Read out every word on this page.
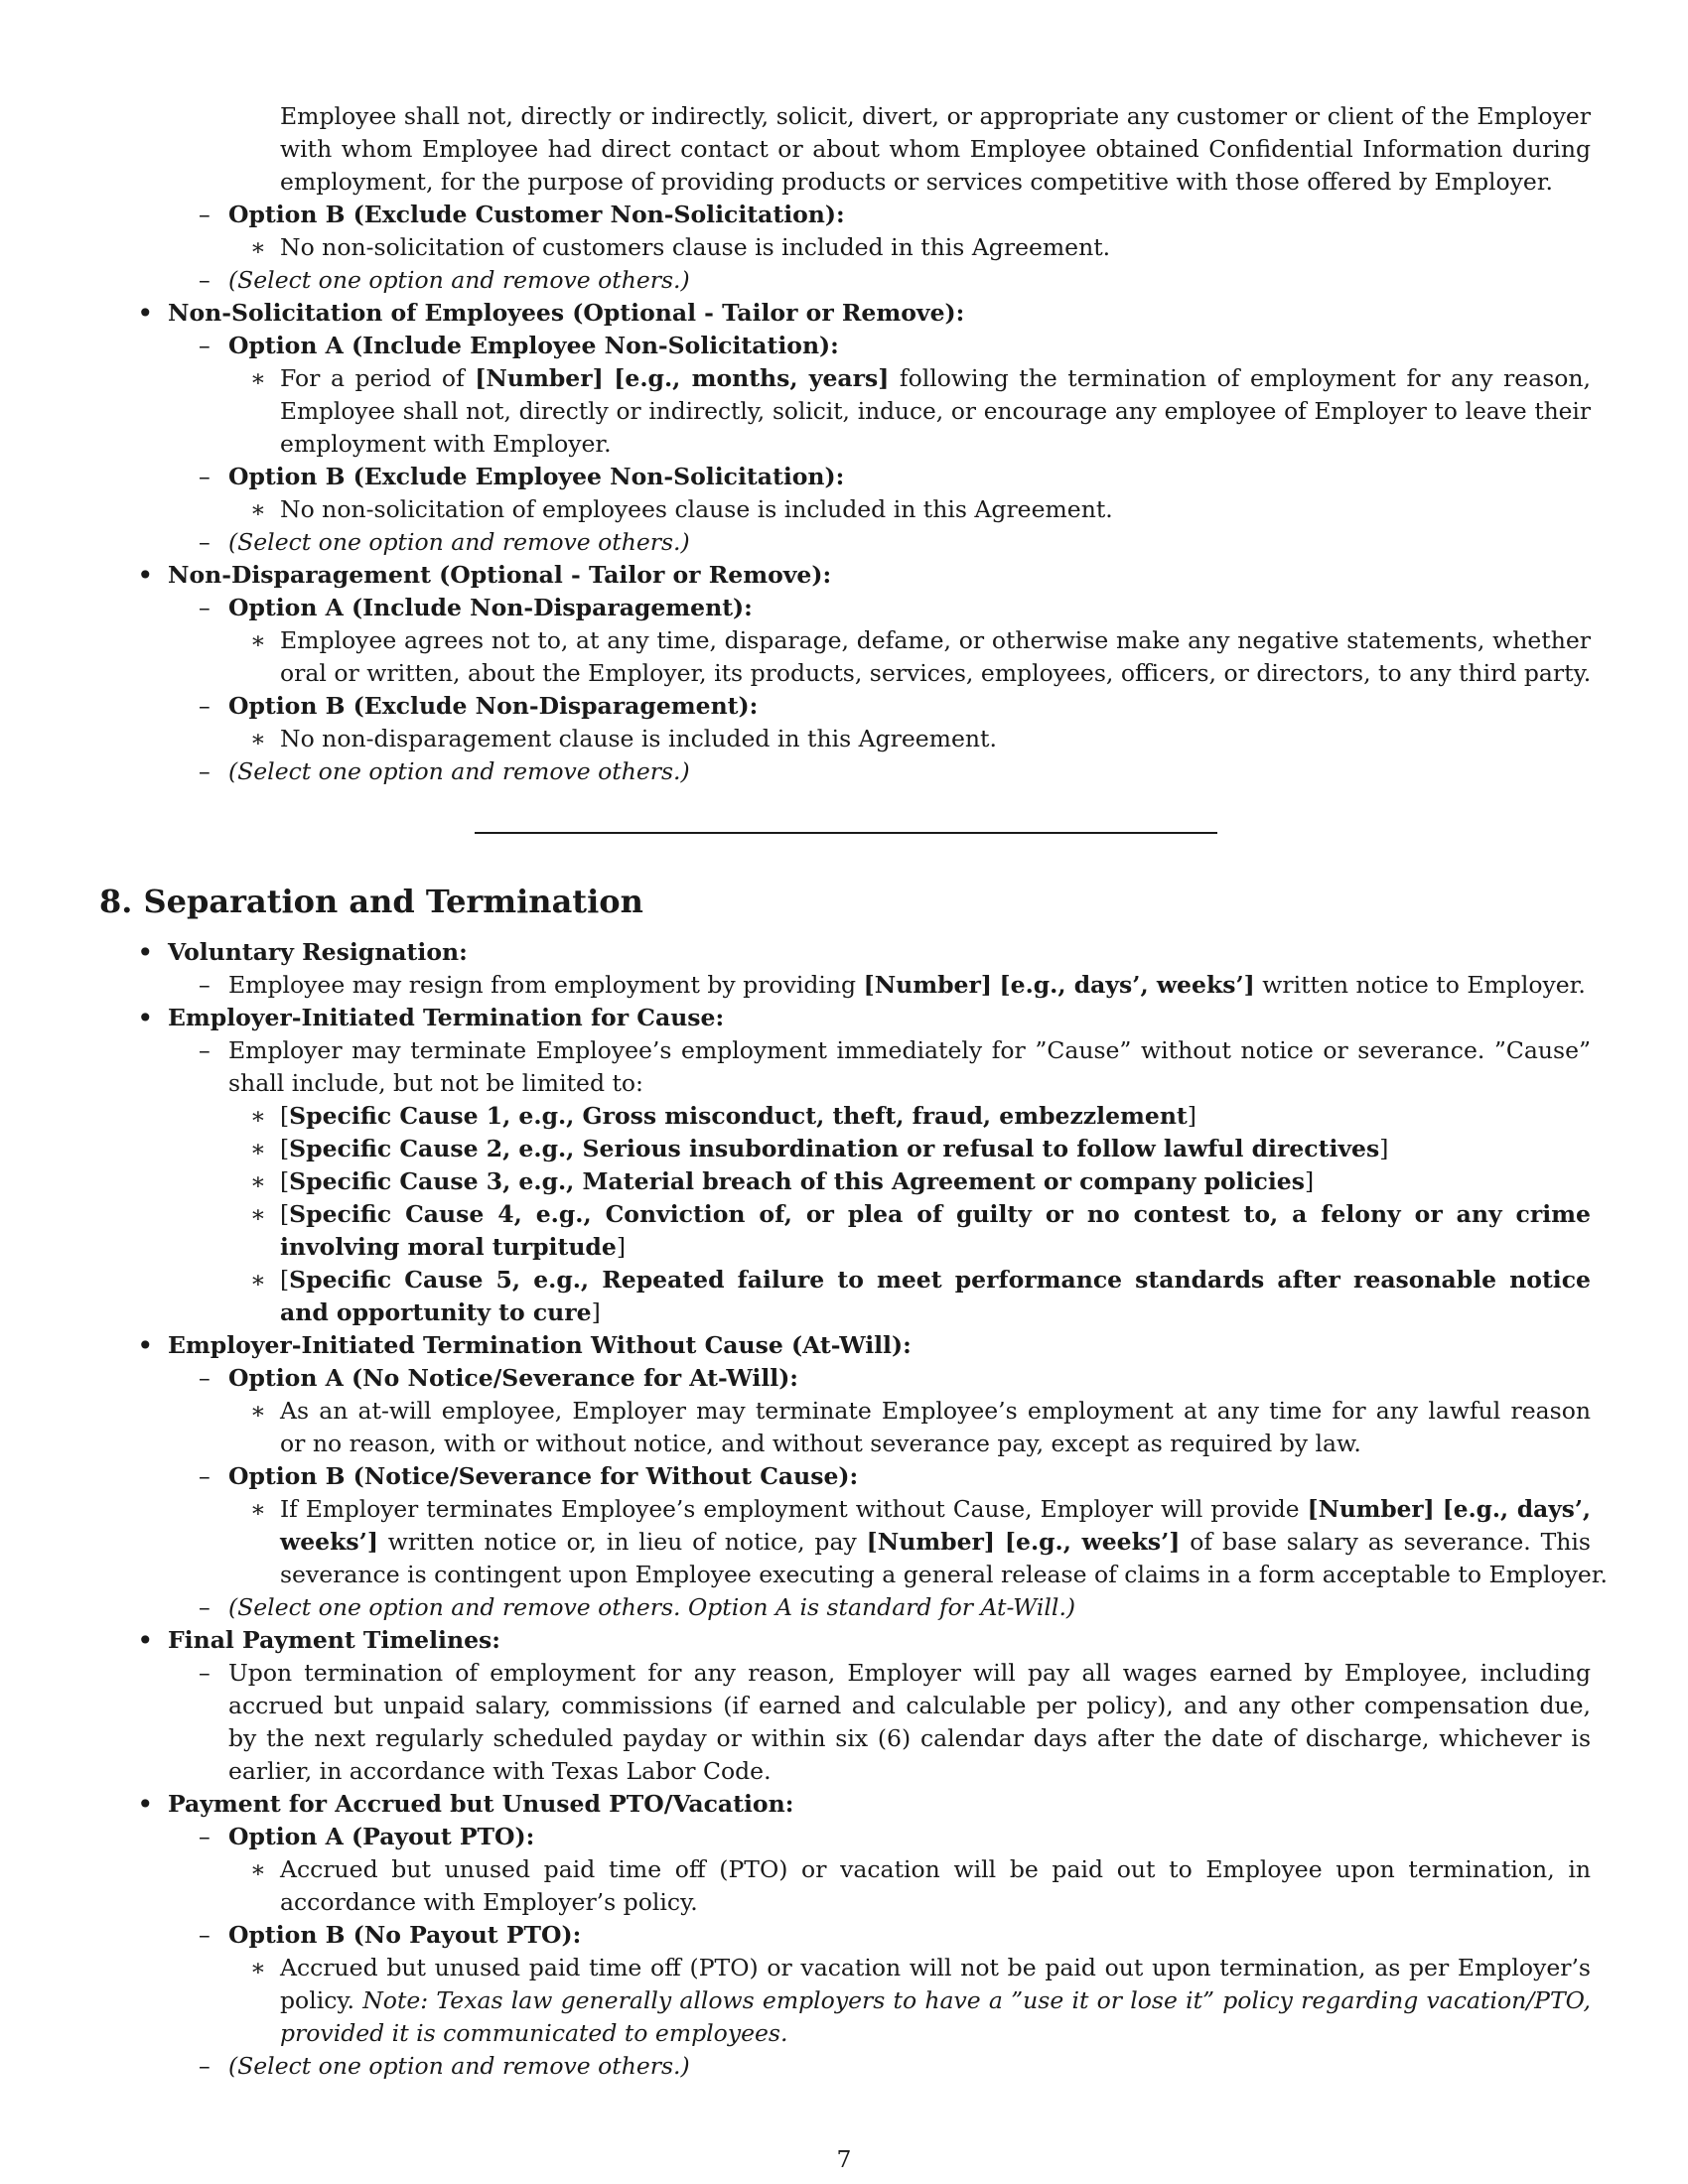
Employee shall not, directly or indirectly, solicit, divert, or appropriate any customer or client of the Employer

with whom Employee had direct contact or about whom Employee obtained Confidential Information during

employment, for the purpose of providing products or services competitive with those offered by Employer.

– Option B (Exclude Customer Non-Solicitation):

∗ No non-solicitation of customers clause is included in this Agreement.

– (Select one option and remove others.)

• Non-Solicitation of Employees (Optional - Tailor or Remove):

– Option A (Include Employee Non-Solicitation):

∗ For a period of [Number] [e.g., months, years] following the termination of employment for any reason,

Employee shall not, directly or indirectly, solicit, induce, or encourage any employee of Employer to leave their

employment with Employer.

– Option B (Exclude Employee Non-Solicitation):

∗ No non-solicitation of employees clause is included in this Agreement.

– (Select one option and remove others.)

• Non-Disparagement (Optional - Tailor or Remove):

– Option A (Include Non-Disparagement):

∗ Employee agrees not to, at any time, disparage, defame, or otherwise make any negative statements, whether

oral or written, about the Employer, its products, services, employees, officers, or directors, to any third party.

– Option B (Exclude Non-Disparagement):

∗ No non-disparagement clause is included in this Agreement.

– (Select one option and remove others.)

8. Separation and Termination
• Voluntary Resignation:

– Employee may resign from employment by providing [Number] [e.g., days’, weeks’] written notice to Employer.

• Employer-Initiated Termination for Cause:

– Employer may terminate Employee’s employment immediately for ”Cause” without notice or severance. ”Cause”

shall include, but not be limited to:

∗ [Specific Cause 1, e.g., Gross misconduct, theft, fraud, embezzlement]

∗ [Specific Cause 2, e.g., Serious insubordination or refusal to follow lawful directives]

∗ [Specific Cause 3, e.g., Material breach of this Agreement or company policies]

∗ [Specific Cause 4, e.g., Conviction of, or plea of guilty or no contest to, a felony or any crime

involving moral turpitude]

∗ [Specific Cause 5, e.g., Repeated failure to meet performance standards after reasonable notice

and opportunity to cure]

• Employer-Initiated Termination Without Cause (At-Will):

– Option A (No Notice/Severance for At-Will):

∗ As an at-will employee, Employer may terminate Employee’s employment at any time for any lawful reason

or no reason, with or without notice, and without severance pay, except as required by law.

– Option B (Notice/Severance for Without Cause):

∗ If Employer terminates Employee’s employment without Cause, Employer will provide [Number] [e.g., days’,

weeks’] written notice or, in lieu of notice, pay [Number] [e.g., weeks’] of base salary as severance. This

severance is contingent upon Employee executing a general release of claims in a form acceptable to Employer.

– (Select one option and remove others. Option A is standard for At-Will.)

• Final Payment Timelines:

– Upon termination of employment for any reason, Employer will pay all wages earned by Employee, including

accrued but unpaid salary, commissions (if earned and calculable per policy), and any other compensation due,

by the next regularly scheduled payday or within six (6) calendar days after the date of discharge, whichever is

earlier, in accordance with Texas Labor Code.

• Payment for Accrued but Unused PTO/Vacation:

– Option A (Payout PTO):

∗ Accrued but unused paid time off (PTO) or vacation will be paid out to Employee upon termination, in

accordance with Employer’s policy.

– Option B (No Payout PTO):

∗ Accrued but unused paid time off (PTO) or vacation will not be paid out upon termination, as per Employer’s

policy. Note: Texas law generally allows employers to have a ”use it or lose it” policy regarding vacation/PTO,

provided it is communicated to employees.

– (Select one option and remove others.)

7
